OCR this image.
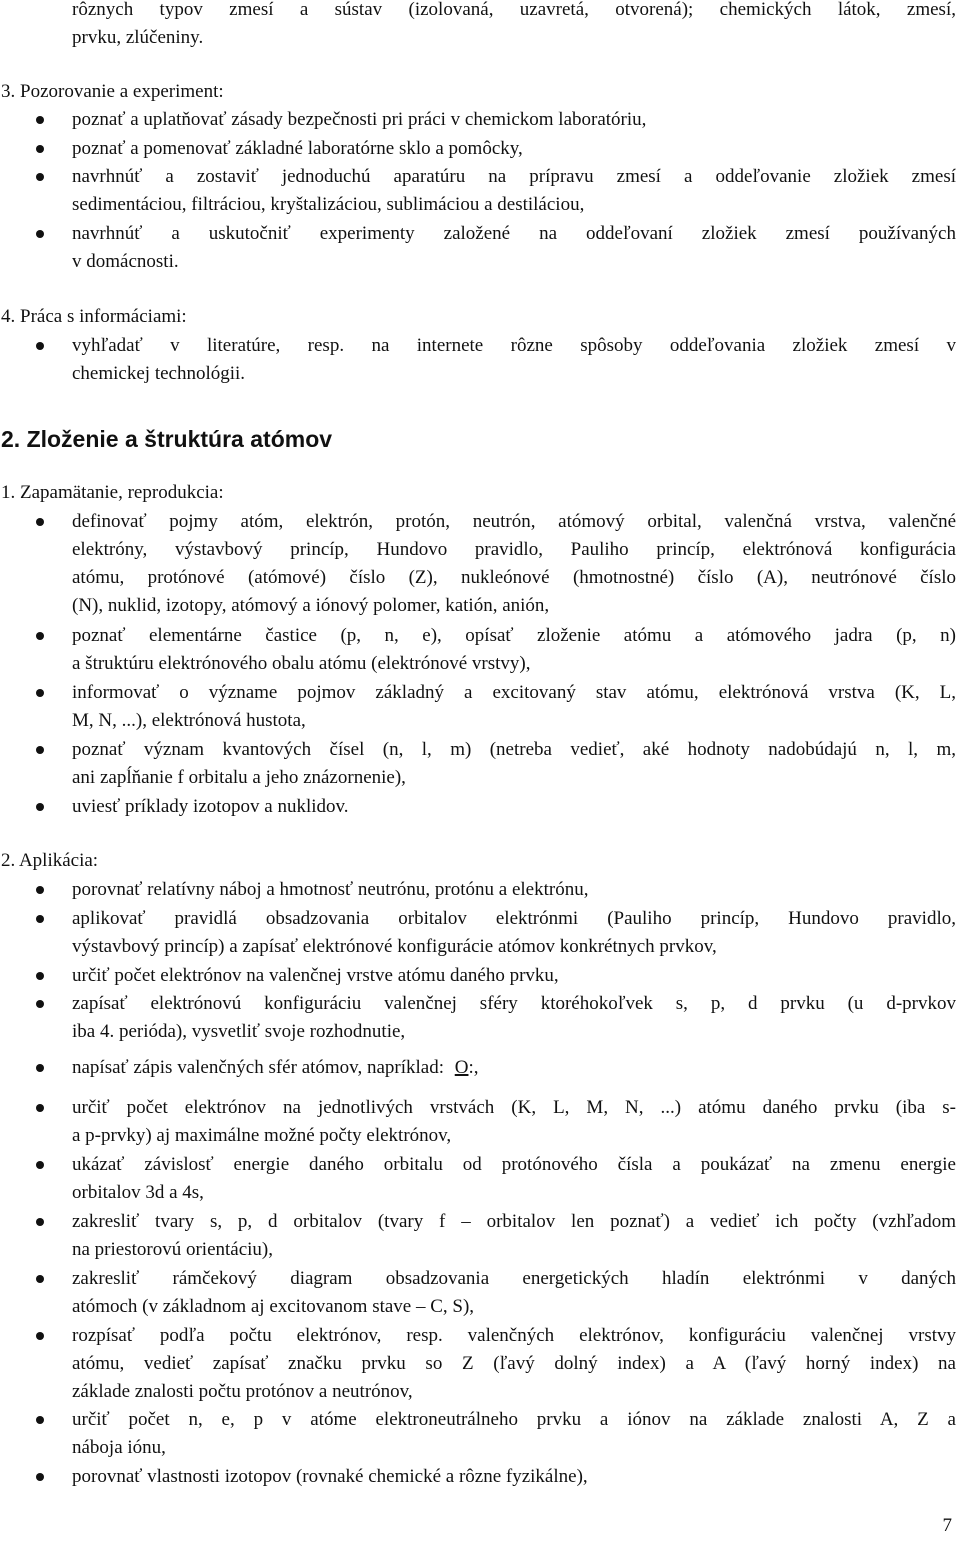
rôznych typov zmesí a sústav (izolovaná, uzavretá, otvorená); chemických látok, zmesí,
prvku, zlúčeniny.
3. Pozorovanie a experiment:
poznať a uplatňovať zásady bezpečnosti pri práci v chemickom laboratóriu,
poznať a pomenovať základné laboratórne sklo a pomôcky,
navrhnúť a zostaviť jednoduchú aparatúru na prípravu zmesí a oddeľovanie zložiek zmesí
sedimentáciou, filtráciou, kryštalizáciou, sublimáciou a destiláciou,
navrhnúť a uskutočniť experimenty založené na oddeľovaní zložiek zmesí používaných
v domácnosti.
4. Práca s informáciami:
vyhľadať v literatúre, resp. na internete rôzne spôsoby oddeľovania zložiek zmesí v
chemickej technológii.
2. Zloženie a štruktúra atómov
1. Zapamätanie, reprodukcia:
definovať pojmy atóm, elektrón, protón, neutrón, atómový orbital, valenčná vrstva, valenčné
elektróny, výstavbový princíp, Hundovo pravidlo, Pauliho princíp, elektrónová konfigurácia
atómu, protónové (atómové) číslo (Z), nukleónové (hmotnostné) číslo (A), neutrónové číslo
(N), nuklid, izotopy, atómový a iónový polomer, katión, anión,
poznať elementárne častice (p, n, e), opísať zloženie atómu a atómového jadra (p, n)
a štruktúru elektrónového obalu atómu (elektrónové vrstvy),
informovať o význame pojmov základný a excitovaný stav atómu, elektrónová vrstva (K, L,
M, N, ...), elektrónová hustota,
poznať význam kvantových čísel (n, l, m) (netreba vedieť, aké hodnoty nadobúdajú n, l, m,
ani zapĺňanie f orbitalu a jeho znázornenie),
uviesť príklady izotopov a nuklidov.
2. Aplikácia:
porovnať relatívny náboj a hmotnosť neutrónu, protónu a elektrónu,
aplikovať pravidlá obsadzovania orbitalov elektrónmi (Pauliho princíp, Hundovo pravidlo,
výstavbový princíp) a zapísať elektrónové konfigurácie atómov konkrétnych prvkov,
určiť počet elektrónov na valenčnej vrstve atómu daného prvku,
zapísať elektrónovú konfiguráciu valenčnej sféry ktoréhokoľvek s, p, d prvku (u d-prvkov
iba 4. perióda), vysvetliť svoje rozhodnutie,
napísať zápis valenčných sfér atómov, napríklad: O:,
určiť počet elektrónov na jednotlivých vrstvách (K, L, M, N, ...) atómu daného prvku (iba s-
a p-prvky) aj maximálne možné počty elektrónov,
ukázať závislosť energie daného orbitalu od protónového čísla a poukázať na zmenu energie
orbitalov 3d a 4s,
zakresliť tvary s, p, d orbitalov (tvary f – orbitalov len poznať) a vedieť ich počty (vzhľadom
na priestorovú orientáciu),
zakresliť rámčekový diagram obsadzovania energetických hladín elektrónmi v daných
atómoch (v základnom aj excitovanom stave – C, S),
rozpísať podľa počtu elektrónov, resp. valenčných elektrónov, konfiguráciu valenčnej vrstvy
atómu, vedieť zapísať značku prvku so Z (ľavý dolný index) a A (ľavý horný index) na
základe znalosti počtu protónov a neutrónov,
určiť počet n, e, p v atóme elektroneutrálneho prvku a iónov na základe znalosti A, Z a
náboja iónu,
porovnať vlastnosti izotopov (rovnaké chemické a rôzne fyzikálne),
7
